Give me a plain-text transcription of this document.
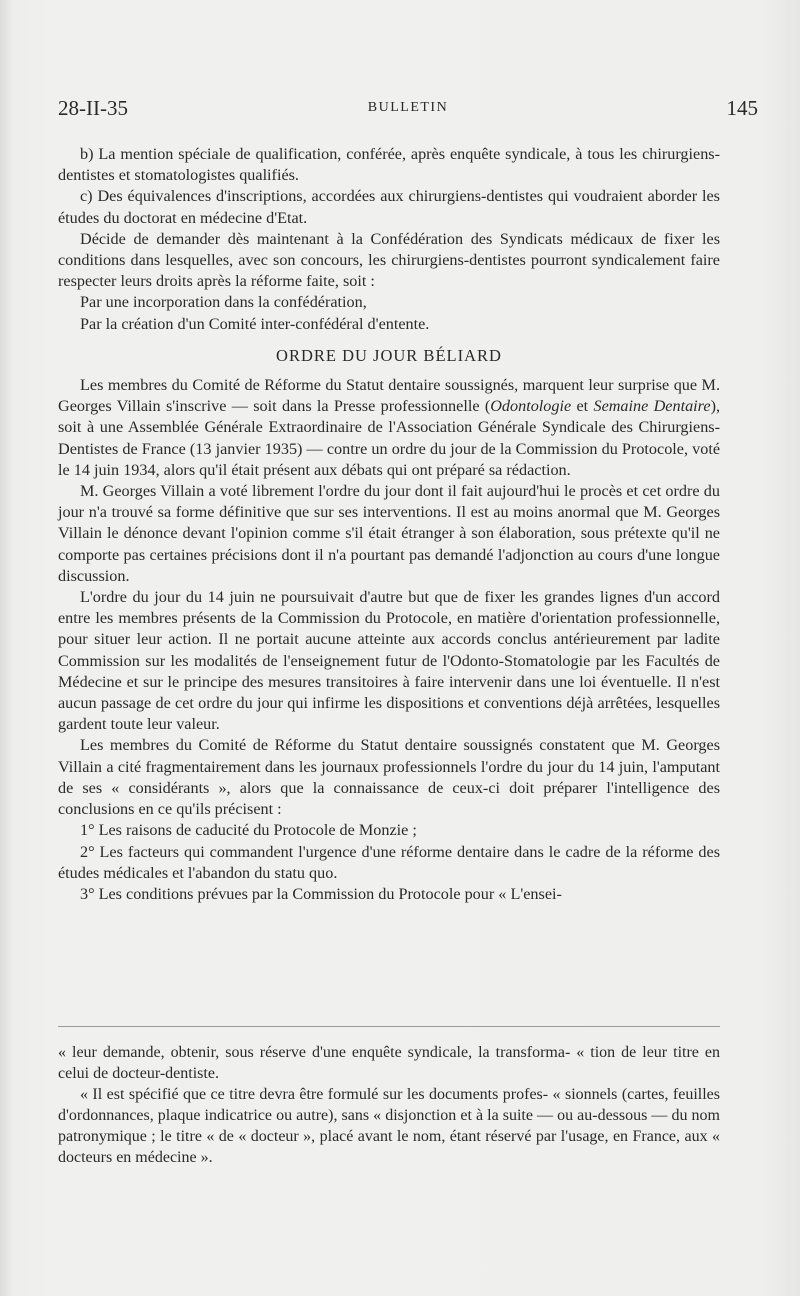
28-II-35	BULLETIN	145

b) La mention spéciale de qualification, conférée, après enquête syndicale, à tous les chirurgiens-dentistes et stomatologistes qualifiés.

c) Des équivalences d'inscriptions, accordées aux chirurgiens-dentistes qui voudraient aborder les études du doctorat en médecine d'Etat.

Décide de demander dès maintenant à la Confédération des Syndicats médicaux de fixer les conditions dans lesquelles, avec son concours, les chirurgiens-dentistes pourront syndicalement faire respecter leurs droits après la réforme faite, soit :

Par une incorporation dans la confédération,

Par la création d'un Comité inter-confédéral d'entente.

ORDRE DU JOUR BÉLIARD

Les membres du Comité de Réforme du Statut dentaire soussignés, marquent leur surprise que M. Georges Villain s'inscrive — soit dans la Presse professionnelle (Odontologie et Semaine Dentaire), soit à une Assemblée Générale Extraordinaire de l'Association Générale Syndicale des Chirurgiens-Dentistes de France (13 janvier 1935) — contre un ordre du jour de la Commission du Protocole, voté le 14 juin 1934, alors qu'il était présent aux débats qui ont préparé sa rédaction.

M. Georges Villain a voté librement l'ordre du jour dont il fait aujourd'hui le procès et cet ordre du jour n'a trouvé sa forme définitive que sur ses interventions. Il est au moins anormal que M. Georges Villain le dénonce devant l'opinion comme s'il était étranger à son élaboration, sous prétexte qu'il ne comporte pas certaines précisions dont il n'a pourtant pas demandé l'adjonction au cours d'une longue discussion.

L'ordre du jour du 14 juin ne poursuivait d'autre but que de fixer les grandes lignes d'un accord entre les membres présents de la Commission du Protocole, en matière d'orientation professionnelle, pour situer leur action. Il ne portait aucune atteinte aux accords conclus antérieurement par ladite Commission sur les modalités de l'enseignement futur de l'Odonto-Stomatologie par les Facultés de Médecine et sur le principe des mesures transitoires à faire intervenir dans une loi éventuelle. Il n'est aucun passage de cet ordre du jour qui infirme les dispositions et conventions déjà arrêtées, lesquelles gardent toute leur valeur.

Les membres du Comité de Réforme du Statut dentaire soussignés constatent que M. Georges Villain a cité fragmentairement dans les journaux professionnels l'ordre du jour du 14 juin, l'amputant de ses « considérants », alors que la connaissance de ceux-ci doit préparer l'intelligence des conclusions en ce qu'ils précisent :

1° Les raisons de caducité du Protocole de Monzie ;

2° Les facteurs qui commandent l'urgence d'une réforme dentaire dans le cadre de la réforme des études médicales et l'abandon du statu quo.

3° Les conditions prévues par la Commission du Protocole pour « L'ensei-

« leur demande, obtenir, sous réserve d'une enquête syndicale, la transforma- « tion de leur titre en celui de docteur-dentiste.

« Il est spécifié que ce titre devra être formulé sur les documents profes- « sionnels (cartes, feuilles d'ordonnances, plaque indicatrice ou autre), sans « disjonction et à la suite — ou au-dessous — du nom patronymique ; le titre « de « docteur », placé avant le nom, étant réservé par l'usage, en France, aux « docteurs en médecine ».
